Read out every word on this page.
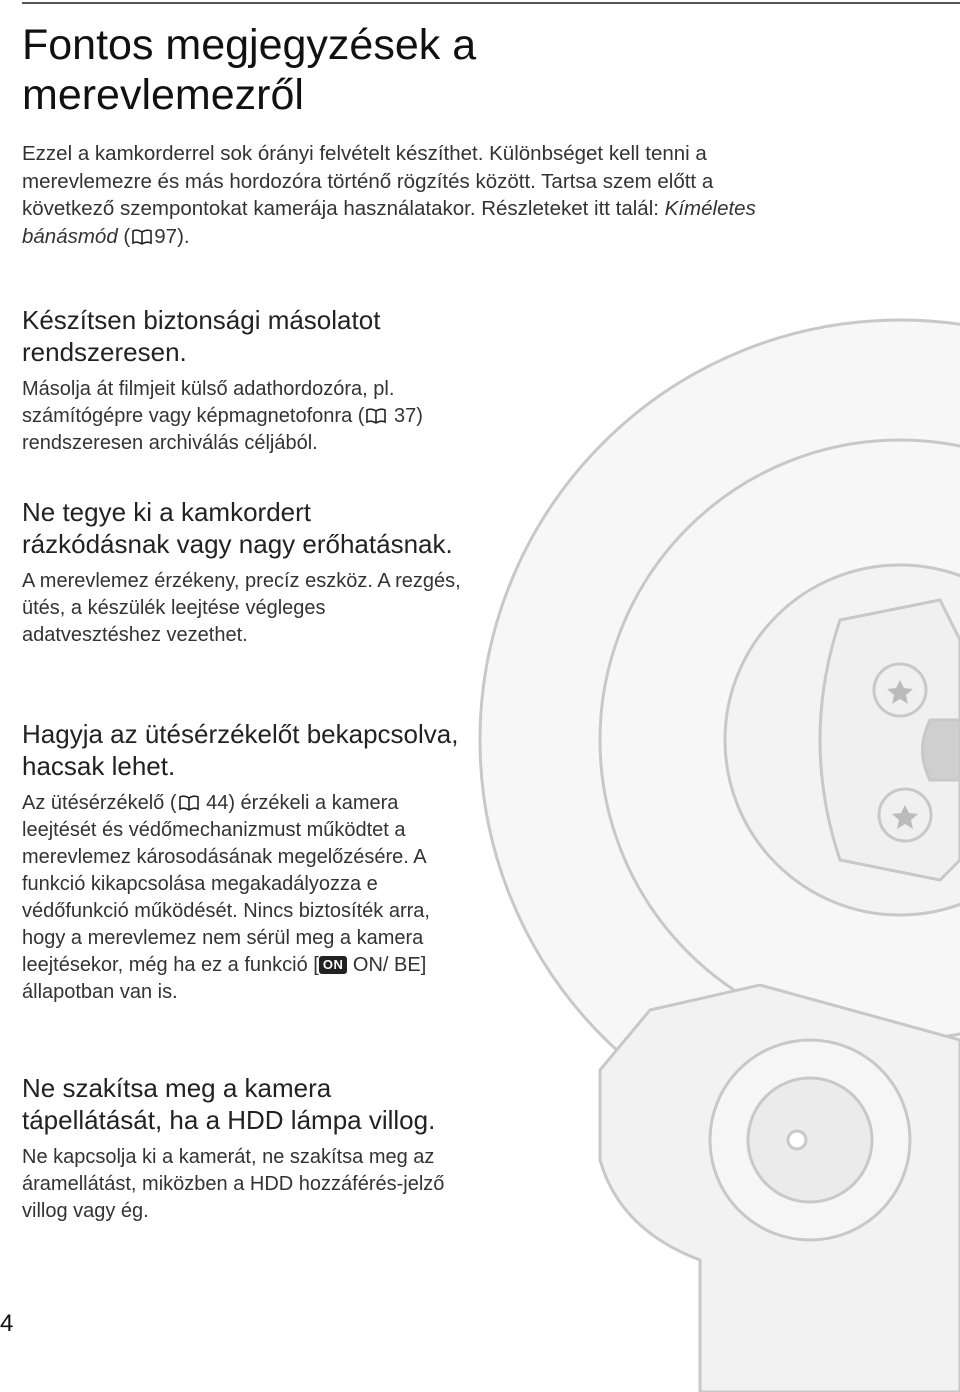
Fontos megjegyzések a merevlemezről

Ezzel a kamkorderrel sok órányi felvételt készíthet. Különbséget kell tenni a merevlemezre és más hordozóra történő rögzítés között. Tartsa szem előtt a következő szempontokat kamerája használatakor. Részleteket itt talál: Kíméletes bánásmód ( 97).

Készítsen biztonsági másolatot rendszeresen.

Másolja át filmjeit külső adathordozóra, pl. számítógépre vagy képmagnetofonra ( 37) rendszeresen archiválás céljából.

Ne tegye ki a kamkordert rázkódásnak vagy nagy erőhatásnak.

A merevlemez érzékeny, precíz eszköz. A rezgés, ütés, a készülék leejtése végleges adatvesztéshez vezethet.

Hagyja az ütésérzékelőt bekapcsolva, hacsak lehet.

Az ütésérzékelő ( 44) érzékeli a kamera leejtését és védőmechanizmust működtet a merevlemez károsodásának megelőzésére. A funkció kikapcsolása megakadályozza e védőfunkció működését. Nincs biztosíték arra, hogy a merevlemez nem sérül meg a kamera leejtésekor, még ha ez a funkció [ ON ON/ BE] állapotban van is.

Ne szakítsa meg a kamera tápellátását, ha a HDD lámpa villog.

Ne kapcsolja ki a kamerát, ne szakítsa meg az áramellátást, miközben a HDD hozzáférés-jelző villog vagy ég.

4
